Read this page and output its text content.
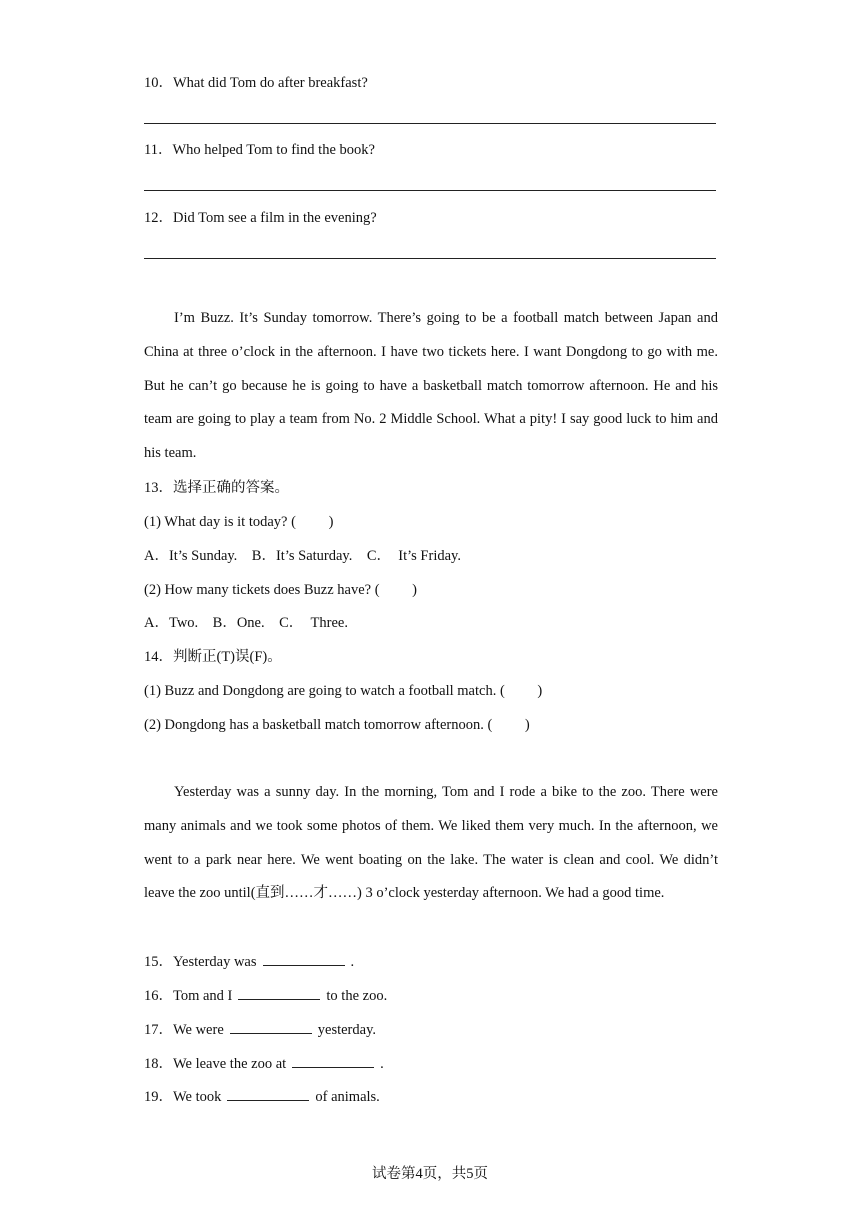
10．What did Tom do after breakfast?
11．Who helped Tom to find the book?
12．Did Tom see a film in the evening?

I’m Buzz. It’s Sunday tomorrow. There’s going to be a football match between Japan and China at three o’clock in the afternoon. I have two tickets here. I want Dongdong to go with me. But he can’t go because he is going to have a basketball match tomorrow afternoon. He and his team are going to play a team from No. 2 Middle School. What a pity! I say good luck to him and his team.

13．选择正确的答案。
(1) What day is it today? (　　 )
A．It’s Sunday.　B．It’s Saturday.　C．　It’s Friday.
(2) How many tickets does Buzz have? (　　 )
A．Two.　B．One.　C．　Three.
14．判断正(T)误(F)。
(1) Buzz and Dongdong are going to watch a football match. (　　 )
(2) Dongdong has a basketball match tomorrow afternoon. (　　 )

Yesterday was a sunny day. In the morning, Tom and I rode a bike to the zoo. There were many animals and we took some photos of them. We liked them very much. In the afternoon, we went to a park near here. We went boating on the lake. The water is clean and cool. We didn’t leave the zoo until(直到……才……) 3 o’clock yesterday afternoon. We had a good time.

15．Yesterday was	.
16．Tom and I	to the zoo.
17．We were	yesterday.
18．We leave the zoo at	.
19．We took	of animals.
试卷第4页，共5页
